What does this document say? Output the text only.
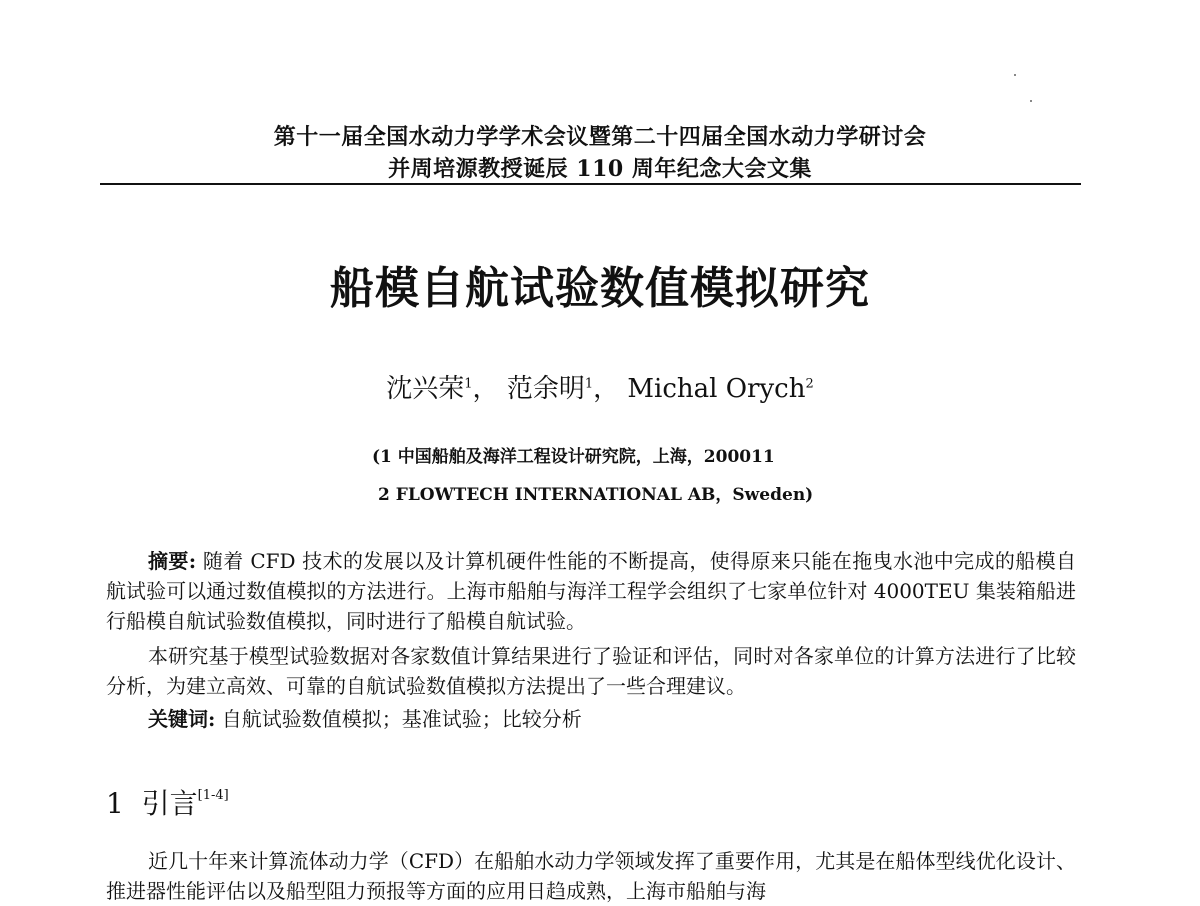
第十一届全国水动力学学术会议暨第二十四届全国水动力学研讨会
并周培源教授诞辰 110 周年纪念大会文集
船模自航试验数值模拟研究
沈兴荣$^1$， 范余明$^1$， Michal Orych$^2$
(1 中国船舶及海洋工程设计研究院，上海，200011
2 FLOWTECH INTERNATIONAL AB，Sweden)
摘要: 随着 CFD 技术的发展以及计算机硬件性能的不断提高，使得原来只能在拖曳水池中完成的船模自航试验可以通过数值模拟的方法进行。上海市船舶与海洋工程学会组织了七家单位针对 4000TEU 集装箱船进行船模自航试验数值模拟，同时进行了船模自航试验。
本研究基于模型试验数据对各家数值计算结果进行了验证和评估，同时对各家单位的计算方法进行了比较分析，为建立高效、可靠的自航试验数值模拟方法提出了一些合理建议。
关键词: 自航试验数值模拟；基准试验；比较分析
1 引言[1-4]
近几十年来计算流体动力学（CFD）在船舶水动力学领域发挥了重要作用，尤其是在船体型线优化设计、推进器性能评估以及船型阻力预报等方面的应用日趋成熟，上海市船舶与海
